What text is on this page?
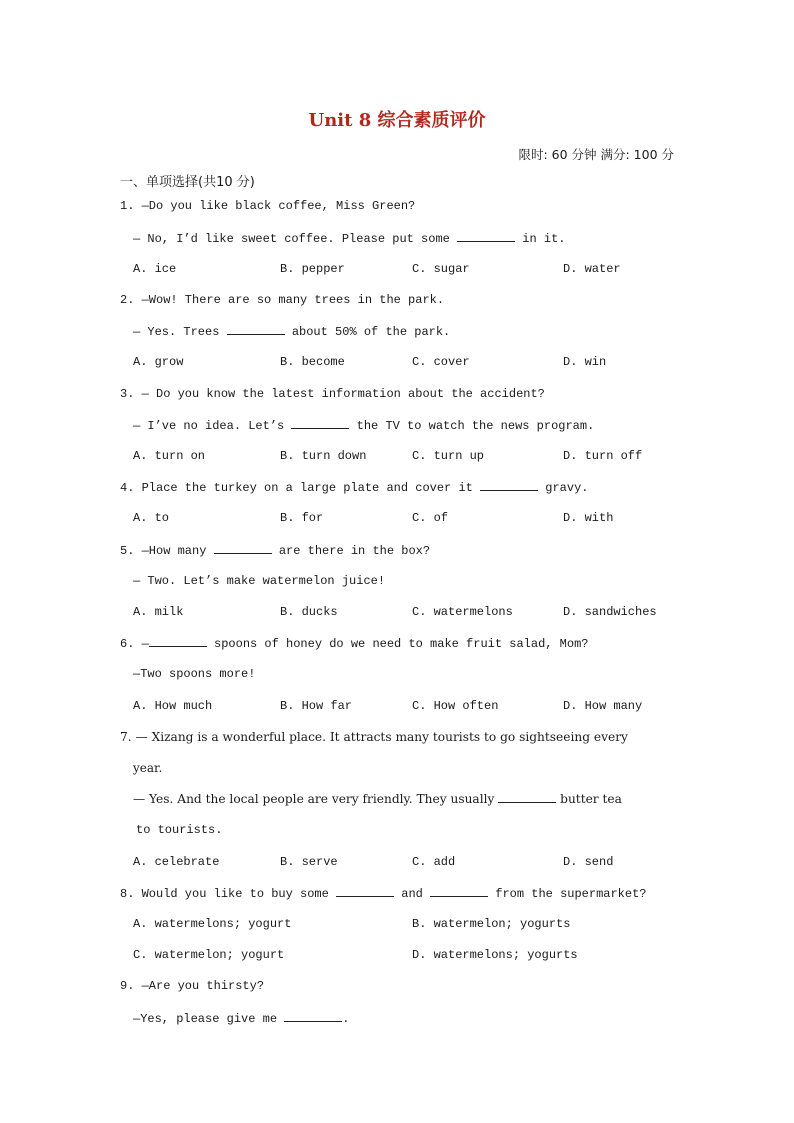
Unit 8 综合素质评价
限时: 60 分钟 满分: 100 分
一、单项选择(共10 分)
1. —Do you like black coffee, Miss Green?
— No, I’d like sweet coffee. Please put some	in it.
A. ice	B. pepper	C. sugar	D. water
2. —Wow! There are so many trees in the park.
— Yes. Trees	about 50% of the park.
A. grow	B. become	C. cover	D. win
3. — Do you know the latest information about the accident?
— I’ve no idea. Let’s	the TV to watch the news program.
A. turn on	B. turn down	C. turn up	D. turn off
4. Place the turkey on a large plate and cover it	gravy.
A. to	B. for	C. of	D. with
5. —How many	are there in the box?
— Two. Let’s make watermelon juice!
A. milk	B. ducks	C. watermelons	D. sandwiches
6. —	spoons of honey do we need to make fruit salad, Mom?
—Two spoons more!
A. How much	B. How far	C. How often	D. How many
7. — Xizang is a wonderful place. It attracts many tourists to go sightseeing every
year.
— Yes. And the local people are very friendly. They usually	butter tea
to tourists.
A. celebrate	B. serve	C. add	D. send
8. Would you like to buy some	and	from the supermarket?
A. watermelons; yogurt	B. watermelon; yogurts
C. watermelon; yogurt	D. watermelons; yogurts
9. —Are you thirsty?
—Yes, please give me	.
